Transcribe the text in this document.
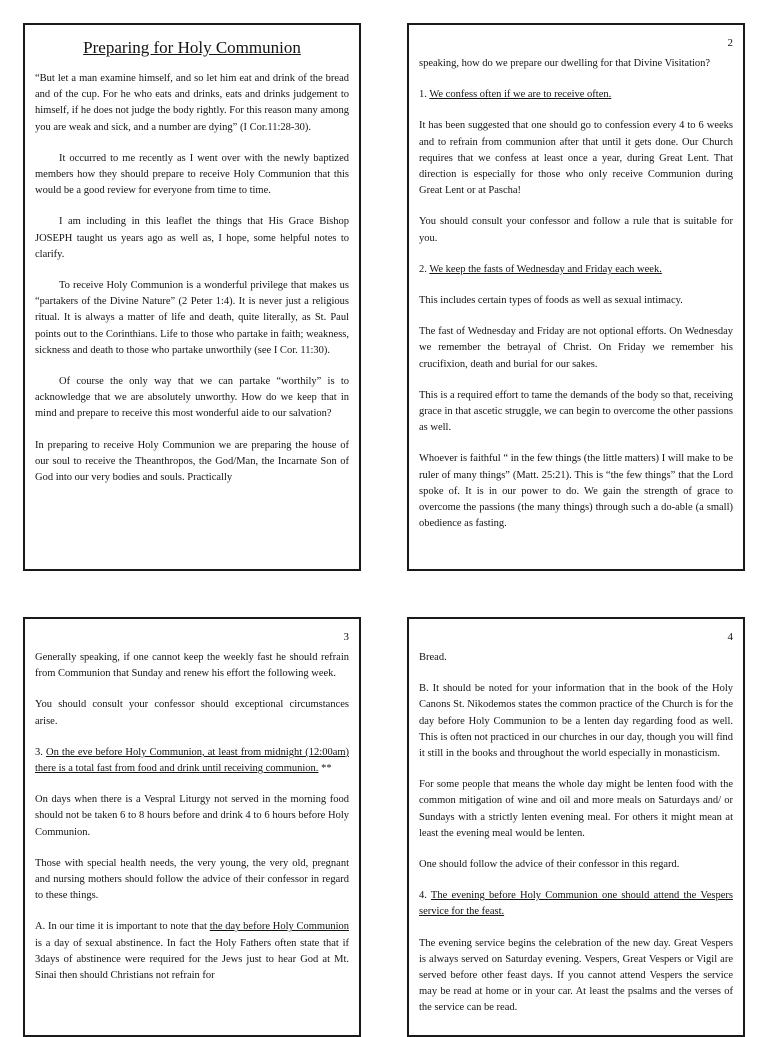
Preparing for Holy Communion

“But let a man examine himself, and so let him eat and drink of the bread and of the cup. For he who eats and drinks, eats and drinks judgement to himself, if he does not judge the body rightly. For this reason many among you are weak and sick, and a number are dying” (I Cor.11:28-30).

It occurred to me recently as I went over with the newly baptized members how they should prepare to receive Holy Communion that this would be a good review for everyone from time to time.

I am including in this leaflet the things that His Grace Bishop JOSEPH taught us years ago as well as, I hope, some helpful notes to clarify.

To receive Holy Communion is a wonderful privilege that makes us “partakers of the Divine Nature” (2 Peter 1:4). It is never just a religious ritual. It is always a matter of life and death, quite literally, as St. Paul points out to the Corinthians. Life to those who partake in faith; weakness, sickness and death to those who partake unworthily (see I Cor. 11:30).

Of course the only way that we can partake “worthily” is to acknowledge that we are absolutely unworthy. How do we keep that in mind and prepare to receive this most wonderful aide to our salvation?

In preparing to receive Holy Communion we are preparing the house of our soul to receive the Theanthropos, the God/Man, the Incarnate Son of God into our very bodies and souls. Practically

2

speaking, how do we prepare our dwelling for that Divine Visitation?

1. We confess often if we are to receive often.

It has been suggested that one should go to confession every 4 to 6 weeks and to refrain from communion after that until it gets done. Our Church requires that we confess at least once a year, during Great Lent. That direction is especially for those who only receive Communion during Great Lent or at Pascha!

You should consult your confessor and follow a rule that is suitable for you.

2. We keep the fasts of Wednesday and Friday each week.

This includes certain types of foods as well as sexual intimacy.

The fast of Wednesday and Friday are not optional efforts. On Wednesday we remember the betrayal of Christ. On Friday we remember his crucifixion, death and burial for our sakes.

This is a required effort to tame the demands of the body so that, receiving grace in that ascetic struggle, we can begin to overcome the other passions as well.

Whoever is faithful “ in the few things (the little matters) I will make to be ruler of many things” (Matt. 25:21). This is “the few things” that the Lord spoke of. It is in our power to do. We gain the strength of grace to overcome the passions (the many things) through such a do-able (a small) obedience as fasting.

3

Generally speaking, if one cannot keep the weekly fast he should refrain from Communion that Sunday and renew his effort the following week.

You should consult your confessor should exceptional circumstances arise.

3. On the eve before Holy Communion, at least from midnight (12:00am) there is a total fast from food and drink until receiving communion. **

On days when there is a Vespral Liturgy not served in the morning food should not be taken 6 to 8 hours before and drink 4 to 6 hours before Holy Communion.

Those with special health needs, the very young, the very old, pregnant and nursing mothers should follow the advice of their confessor in regard to these things.

A. In our time it is important to note that the day before Holy Communion is a day of sexual abstinence. In fact the Holy Fathers often state that if 3days of abstinence were required for the Jews just to hear God at Mt. Sinai then should Christians not refrain for

4

Bread.

B. It should be noted for your information that in the book of the Holy Canons St. Nikodemos states the common practice of the Church is for the day before Holy Communion to be a lenten day regarding food as well. This is often not practiced in our churches in our day, though you will find it still in the books and throughout the world especially in monasticism.

For some people that means the whole day might be lenten food with the common mitigation of wine and oil and more meals on Saturdays and/ or Sundays with a strictly lenten evening meal. For others it might mean at least the evening meal would be lenten.

One should follow the advice of their confessor in this regard.

4. The evening before Holy Communion one should attend the Vespers service for the feast.

The evening service begins the celebration of the new day. Great Vespers is always served on Saturday evening. Vespers, Great Vespers or Vigil are served before other feast days. If you cannot attend Vespers the service may be read at home or in your car. At least the psalms and the verses of the service can be read.
